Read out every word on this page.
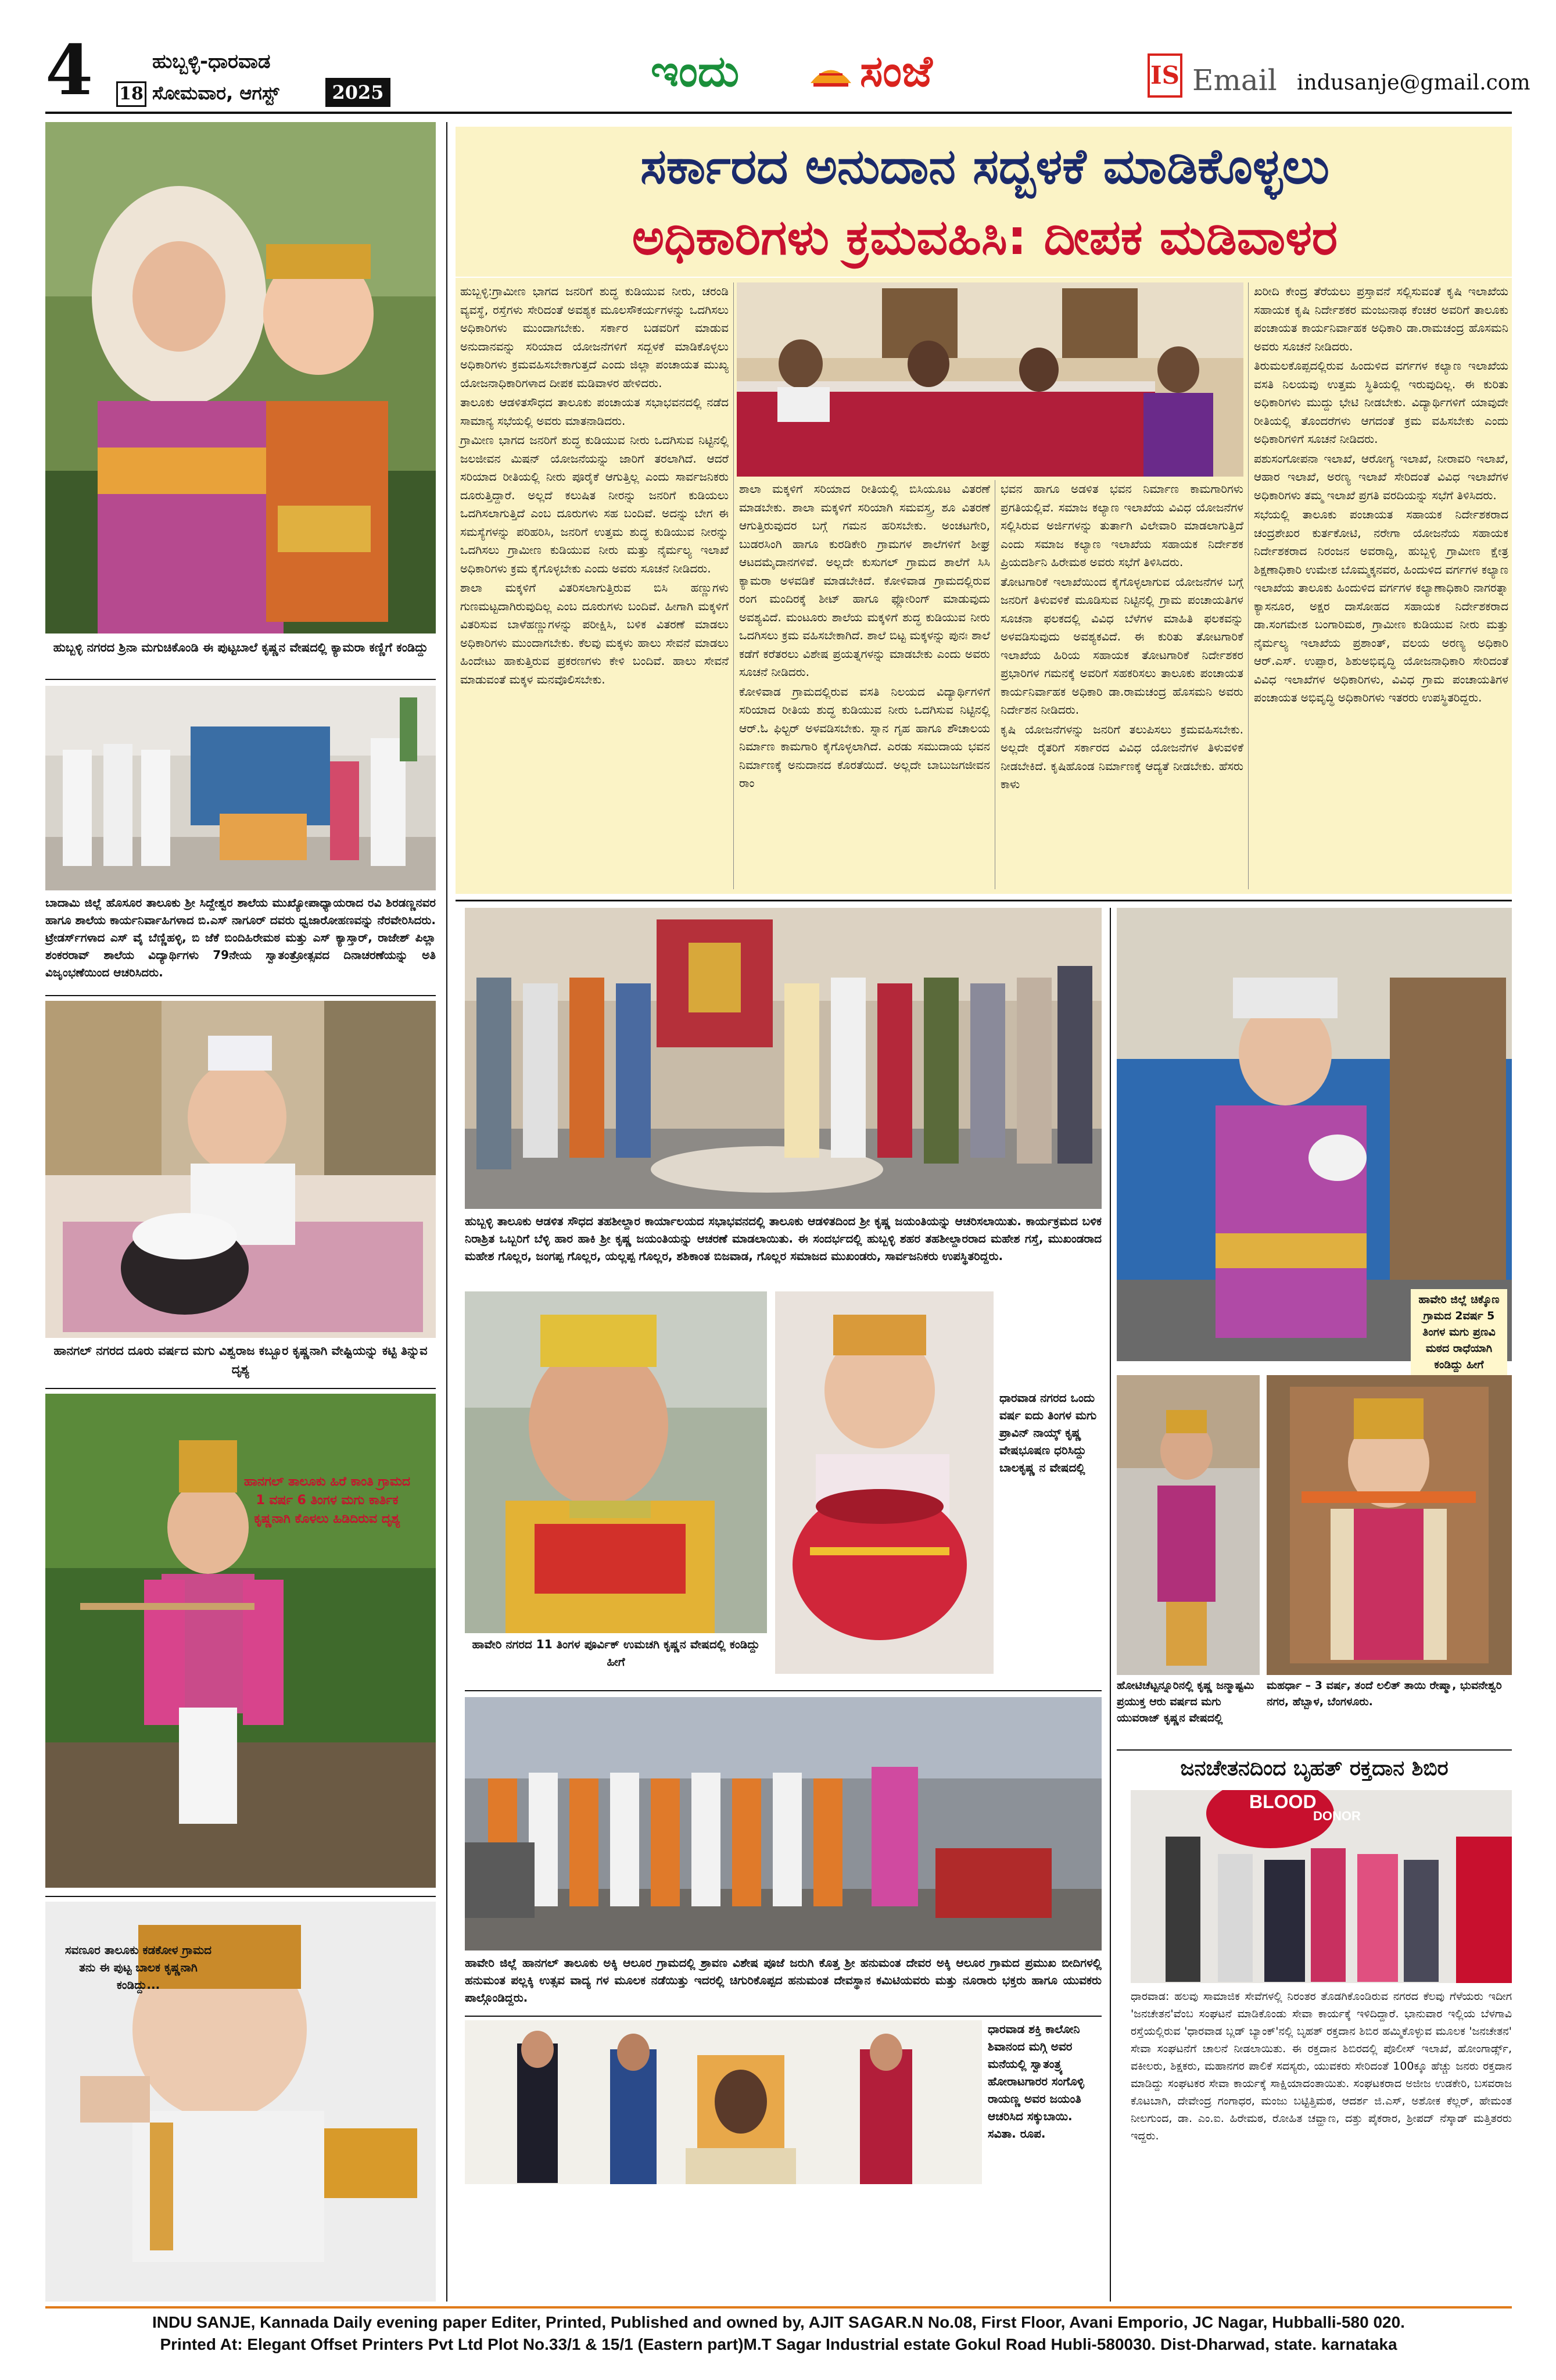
4 18
ಹುಬ್ಬಳ್ಳಿ-ಧಾರವಾಡ
ಸೋಮವಾರ, ಆಗಸ್ಟ್	2025	ಇಂದು	ಸಂಜೆ	IS Email indusanje@gmail.com
ಹುಬ್ಬಳ್ಳಿ ನಗರದ ಶ್ರಿನಾ ಮಗುಚಿಕೊಂಡಿ ಈ ಪುಟ್ಟಬಾಲೆ ಕೃಷ್ಣನ ವೇಷದಲ್ಲಿ ಕ್ಯಾಮರಾ ಕಣ್ಣಿಗೆ ಕಂಡಿದ್ದು
ಬಾದಾಮಿ ಜಿಲ್ಲೆ ಹೊಸೂರ ತಾಲೂಕು ಶ್ರೀ ಸಿದ್ದೇಶ್ವರ ಶಾಲೆಯ ಮುಖ್ಯೋಪಾಧ್ಯಾಯರಾದ ರವಿ ಶಿರಡಣ್ಣನವರ ಹಾಗೂ ಶಾಲೆಯ ಕಾರ್ಯನಿರ್ವಾಹಿಗಳಾದ ಬಿ.ಎಸ್ ನಾಗೂರ್ ದವರು ಧ್ವಜಾರೋಹಣವನ್ನು ನೆರವೇರಿಸಿದರು. ಟ್ರೇಡರ್ಸ್‌ಗಳಾದ ಎಸ್ ವೈ ಬೆಣ್ಣಿಹಳ್ಳಿ, ಬಿ ಜೆಕೆ ಬಿಂದಿಹಿರೇಮಠ ಮತ್ತು ಎಸ್ ಕ್ಯಾಸ್ತಾರ್, ರಾಜೇಶ್ ಪಿಲ್ಲಾ ಶಂಕರರಾವ್ ಶಾಲೆಯ ವಿದ್ಯಾರ್ಥಿಗಳು 79ನೇಯ ಸ್ವಾತಂತ್ರೋತ್ಸವದ ದಿನಾಚರಣೆಯನ್ನು ಅತಿ ವಿಜೃಂಭಣೆಯಿಂದ ಆಚರಿಸಿದರು.
ಹಾನಗಲ್ ನಗರದ ದೂರು ವರ್ಷದ ಮಗು ವಿಶ್ವರಾಜ ಕಬ್ಬೂರ ಕೃಷ್ಣನಾಗಿ ವೇಷ್ಟಿಯನ್ನು ಕಟ್ಟಿ ತಿನ್ನುವ ದೃಶ್ಯ
ಹಾನಗಲ್ ತಾಲೂಕು ಹಿರೆ ಕಾಂತಿ ಗ್ರಾಮದ 1 ವರ್ಷ 6 ತಿಂಗಳ ಮಗು ಕಾರ್ತಿಕ ಕೃಷ್ಣನಾಗಿ ಕೊಳಲು ಹಿಡಿದಿರುವ ದೃಶ್ಯ
ಸವಣೂರ ತಾಲೂಕು ಕಡಕೋಳ ಗ್ರಾಮದ ತನು ಈ ಪುಟ್ಟ ಬಾಲಕ ಕೃಷ್ಣನಾಗಿ ಕಂಡಿದ್ದು...
ಸರ್ಕಾರದ ಅನುದಾನ ಸದ್ಬಳಕೆ ಮಾಡಿಕೊಳ್ಳಲು
ಅಧಿಕಾರಿಗಳು ಕ್ರಮವಹಿಸಿ: ದೀಪಕ ಮಡಿವಾಳರ

ಹುಬ್ಬಳ್ಳಿ:ಗ್ರಾಮೀಣ ಭಾಗದ ಜನರಿಗೆ ಶುದ್ಧ ಕುಡಿಯುವ ನೀರು, ಚರಂಡಿ ವ್ಯವಸ್ಥೆ, ರಸ್ತೆಗಳು ಸೇರಿದಂತೆ ಅವಶ್ಯಕ ಮೂಲಸೌಕರ್ಯಗಳನ್ನು ಒದಗಿಸಲು ಅಧಿಕಾರಿಗಳು ಮುಂದಾಗಬೇಕು. ಸರ್ಕಾರ ಬಡವರಿಗೆ ಮಾಡುವ ಅನುದಾನವನ್ನು ಸರಿಯಾದ ಯೋಜನೆಗಳಿಗೆ ಸದ್ಬಳಕೆ ಮಾಡಿಕೊಳ್ಳಲು ಅಧಿಕಾರಿಗಳು ಕ್ರಮವಹಿಸಬೇಕಾಗುತ್ತದೆ ಎಂದು ಜಿಲ್ಲಾ ಪಂಚಾಯತ ಮುಖ್ಯ ಯೋಜನಾಧಿಕಾರಿಗಳಾದ ದೀಪಕ ಮಡಿವಾಳರ ಹೇಳಿದರು.

ತಾಲೂಕು ಆಡಳಿತಸೌಧದ ತಾಲೂಕು ಪಂಚಾಯತ ಸಭಾಭವನದಲ್ಲಿ ನಡೆದ ಸಾಮಾನ್ಯ ಸಭೆಯಲ್ಲಿ ಅವರು ಮಾತನಾಡಿದರು.

ಗ್ರಾಮೀಣ ಭಾಗದ ಜನರಿಗೆ ಶುದ್ಧ ಕುಡಿಯುವ ನೀರು ಒದಗಿಸುವ ನಿಟ್ಟಿನಲ್ಲಿ ಜಲಜೀವನ ಮಿಷನ್ ಯೋಜನೆಯನ್ನು ಜಾರಿಗೆ ತರಲಾಗಿದೆ. ಆದರೆ ಸರಿಯಾದ ರೀತಿಯಲ್ಲಿ ನೀರು ಪೂರೈಕೆ ಆಗುತ್ತಿಲ್ಲ ಎಂದು ಸಾರ್ವಜನಿಕರು ದೂರುತ್ತಿದ್ದಾರೆ. ಅಲ್ಲದೆ ಕಲುಷಿತ ನೀರನ್ನು ಜನರಿಗೆ ಕುಡಿಯಲು ಒದಗಿಸಲಾಗುತ್ತಿದೆ ಎಂಬ ದೂರುಗಳು ಸಹ ಬಂದಿವೆ. ಅದನ್ನು ಬೇಗ ಈ ಸಮಸ್ಯೆಗಳನ್ನು ಪರಿಹರಿಸಿ, ಜನರಿಗೆ ಉತ್ತಮ ಶುದ್ಧ ಕುಡಿಯುವ ನೀರನ್ನು ಒದಗಿಸಲು ಗ್ರಾಮೀಣ ಕುಡಿಯುವ ನೀರು ಮತ್ತು ನೈರ್ಮಲ್ಯ ಇಲಾಖೆ ಅಧಿಕಾರಿಗಳು ಕ್ರಮ ಕೈಗೊಳ್ಳಬೇಕು ಎಂದು ಅವರು ಸೂಚನೆ ನೀಡಿದರು.

ಶಾಲಾ ಮಕ್ಕಳಿಗೆ ವಿತರಿಸಲಾಗುತ್ತಿರುವ ಬಿಸಿ ಹಣ್ಣುಗಳು ಗುಣಮಟ್ಟದಾಗಿರುವುದಿಲ್ಲ ಎಂಬ ದೂರುಗಳು ಬಂದಿವೆ. ಹೀಗಾಗಿ ಮಕ್ಕಳಿಗೆ ವಿತರಿಸುವ ಬಾಳೆಹಣ್ಣುಗಳನ್ನು ಪರೀಕ್ಷಿಸಿ, ಬಳಿಕ ವಿತರಣೆ ಮಾಡಲು ಅಧಿಕಾರಿಗಳು ಮುಂದಾಗಬೇಕು. ಕೆಲವು ಮಕ್ಕಳು ಹಾಲು ಸೇವನೆ ಮಾಡಲು ಹಿಂದೇಟು ಹಾಕುತ್ತಿರುವ ಪ್ರಕರಣಗಳು ಕೇಳಿ ಬಂದಿವೆ. ಹಾಲು ಸೇವನೆ ಮಾಡುವಂತೆ ಮಕ್ಕಳ ಮನವೊಲಿಸಬೇಕು.

ಶಾಲಾ ಮಕ್ಕಳಿಗೆ ಸರಿಯಾದ ರೀತಿಯಲ್ಲಿ ಬಿಸಿಯೂಟ ವಿತರಣೆ ಮಾಡಬೇಕು. ಶಾಲಾ ಮಕ್ಕಳಿಗೆ ಸರಿಯಾಗಿ ಸಮವಸ್ತ್ರ, ಶೂ ವಿತರಣೆ ಆಗುತ್ತಿರುವುದರ ಬಗ್ಗೆ ಗಮನ ಹರಿಸಬೇಕು. ಅಂಚಟಗೇರಿ, ಬುಡರಸಿಂಗಿ ಹಾಗೂ ಕುರಡಿಕೇರಿ ಗ್ರಾಮಗಳ ಶಾಲೆಗಳಿಗೆ ಶೀಘ್ರ ಆಟದಮೈದಾನಗಳಿವೆ. ಅಲ್ಲದೇ ಕುಸುಗಲ್ ಗ್ರಾಮದ ಶಾಲೆಗೆ ಸಿಸಿ ಕ್ಯಾಮರಾ ಅಳವಡಿಕೆ ಮಾಡಬೇಕಿದೆ. ಕೋಳಿವಾಡ ಗ್ರಾಮದಲ್ಲಿರುವ ರಂಗ ಮಂದಿರಕ್ಕೆ ಶೀಟ್ ಹಾಗೂ ಫ್ಲೋರಿಂಗ್ ಮಾಡುವುದು ಅವಶ್ಯವಿದೆ. ಮಂಟೂರು ಶಾಲೆಯ ಮಕ್ಕಳಿಗೆ ಶುದ್ಧ ಕುಡಿಯುವ ನೀರು ಒದಗಿಸಲು ಕ್ರಮ ವಹಿಸಬೇಕಾಗಿದೆ. ಶಾಲೆ ಬಿಟ್ಟ ಮಕ್ಕಳನ್ನು ಪುನಃ ಶಾಲೆ ಕಡೆಗೆ ಕರೆತರಲು ವಿಶೇಷ ಪ್ರಯತ್ನಗಳನ್ನು ಮಾಡಬೇಕು ಎಂದು ಅವರು ಸೂಚನೆ ನೀಡಿದರು.

ಕೋಳಿವಾಡ ಗ್ರಾಮದಲ್ಲಿರುವ ವಸತಿ ನಿಲಯದ ವಿದ್ಯಾರ್ಥಿಗಳಿಗೆ ಸರಿಯಾದ ರೀತಿಯ ಶುದ್ಧ ಕುಡಿಯುವ ನೀರು ಒದಗಿಸುವ ನಿಟ್ಟಿನಲ್ಲಿ ಆರ್.ಓ ಫಿಲ್ಟರ್ ಅಳವಡಿಸಬೇಕು. ಸ್ನಾನ ಗೃಹ ಹಾಗೂ ಶೌಚಾಲಯ ನಿರ್ಮಾಣ ಕಾಮಗಾರಿ ಕೈಗೊಳ್ಳಲಾಗಿದೆ. ಎರಡು ಸಮುದಾಯ ಭವನ ನಿರ್ಮಾಣಕ್ಕೆ ಅನುದಾನದ ಕೊರತೆಯಿದೆ. ಅಲ್ಲದೇ ಬಾಬುಜಗಜೀವನ ರಾಂ

ಭವನ ಹಾಗೂ ಅಡಳಿತ ಭವನ ನಿರ್ಮಾಣ ಕಾಮಗಾರಿಗಳು ಪ್ರಗತಿಯಲ್ಲಿವೆ. ಸಮಾಜ ಕಲ್ಯಾಣ ಇಲಾಖೆಯ ವಿವಿಧ ಯೋಜನೆಗಳ ಸಲ್ಲಿಸಿರುವ ಅರ್ಜಿಗಳನ್ನು ತುರ್ತಾಗಿ ವಿಲೇವಾರಿ ಮಾಡಲಾಗುತ್ತಿದೆ ಎಂದು ಸಮಾಜ ಕಲ್ಯಾಣ ಇಲಾಖೆಯ ಸಹಾಯಕ ನಿರ್ದೇಶಕ ಪ್ರಿಯದರ್ಶಿನಿ ಹಿರೇಮಠ ಅವರು ಸಭೆಗೆ ತಿಳಿಸಿದರು.

ತೋಟಗಾರಿಕೆ ಇಲಾಖೆಯಿಂದ ಕೈಗೊಳ್ಳಲಾಗುವ ಯೋಜನೆಗಳ ಬಗ್ಗೆ ಜನರಿಗೆ ತಿಳುವಳಿಕೆ ಮೂಡಿಸುವ ನಿಟ್ಟಿನಲ್ಲಿ ಗ್ರಾಮ ಪಂಚಾಯತಿಗಳ ಸೂಚನಾ ಫಲಕದಲ್ಲಿ ವಿವಿಧ ಬೆಳೆಗಳ ಮಾಹಿತಿ ಫಲಕವನ್ನು ಅಳವಡಿಸುವುದು ಅವಶ್ಯಕವಿದೆ. ಈ ಕುರಿತು ತೋಟಗಾರಿಕೆ ಇಲಾಖೆಯ ಹಿರಿಯ ಸಹಾಯಕ ತೋಟಗಾರಿಕೆ ನಿರ್ದೇಶಕರ ಪ್ರಭಾರಿಗಳ ಗಮನಕ್ಕೆ ಅವರಿಗೆ ಸಹಕರಿಸಲು ತಾಲೂಕು ಪಂಚಾಯತ ಕಾರ್ಯನಿರ್ವಾಹಕ ಅಧಿಕಾರಿ ಡಾ.ರಾಮಚಂದ್ರ ಹೊಸಮನಿ ಅವರು ನಿರ್ದೇಶನ ನೀಡಿದರು.

ಕೃಷಿ ಯೋಜನೆಗಳನ್ನು ಜನರಿಗೆ ತಲುಪಿಸಲು ಕ್ರಮವಹಿಸಬೇಕು. ಅಲ್ಲದೇ ರೈತರಿಗೆ ಸರ್ಕಾರದ ವಿವಿಧ ಯೋಜನೆಗಳ ತಿಳುವಳಿಕೆ ನೀಡಬೇಕಿದೆ. ಕೃಷಿಹೊಂಡ ನಿರ್ಮಾಣಕ್ಕೆ ಆದ್ಯತೆ ನೀಡಬೇಕು. ಹೆಸರು ಕಾಳು

ಖರೀದಿ ಕೇಂದ್ರ ತೆರೆಯಲು ಪ್ರಸ್ತಾವನೆ ಸಲ್ಲಿಸುವಂತೆ ಕೃಷಿ ಇಲಾಖೆಯ ಸಹಾಯಕ ಕೃಷಿ ನಿರ್ದೇಶಕರ ಮಂಜುನಾಥ ಕೆಂಚರ ಅವರಿಗೆ ತಾಲೂಕು ಪಂಚಾಯತ ಕಾರ್ಯನಿರ್ವಾಹಕ ಅಧಿಕಾರಿ ಡಾ.ರಾಮಚಂದ್ರ ಹೊಸಮನಿ ಅವರು ಸೂಚನೆ ನೀಡಿದರು.

ತಿರುಮಲಕೊಪ್ಪದಲ್ಲಿರುವ ಹಿಂದುಳಿದ ವರ್ಗಗಳ ಕಲ್ಯಾಣ ಇಲಾಖೆಯ ವಸತಿ ನಿಲಯವು ಉತ್ತಮ ಸ್ಥಿತಿಯಲ್ಲಿ ಇರುವುದಿಲ್ಲ. ಈ ಕುರಿತು ಅಧಿಕಾರಿಗಳು ಮುದ್ದು ಭೇಟಿ ನೀಡಬೇಕು. ವಿದ್ಯಾರ್ಥಿಗಳಿಗೆ ಯಾವುದೇ ರೀತಿಯಲ್ಲಿ ತೊಂದರೆಗಳು ಆಗದಂತೆ ಕ್ರಮ ವಹಿಸಬೇಕು ಎಂದು ಅಧಿಕಾರಿಗಳಿಗೆ ಸೂಚನೆ ನೀಡಿದರು.

ಪಶುಸಂಗೋಪನಾ ಇಲಾಖೆ, ಆರೋಗ್ಯ ಇಲಾಖೆ, ನೀರಾವರಿ ಇಲಾಖೆ, ಆಹಾರ ಇಲಾಖೆ, ಅರಣ್ಯ ಇಲಾಖೆ ಸೇರಿದಂತೆ ವಿವಿಧ ಇಲಾಖೆಗಳ ಅಧಿಕಾರಿಗಳು ತಮ್ಮ ಇಲಾಖೆ ಪ್ರಗತಿ ವರದಿಯನ್ನು ಸಭೆಗೆ ತಿಳಿಸಿದರು.

ಸಭೆಯಲ್ಲಿ ತಾಲೂಕು ಪಂಚಾಯತ ಸಹಾಯಕ ನಿರ್ದೇಶಕರಾದ ಚಂದ್ರಶೇಖರ ಕುರ್ತಕೋಟಿ, ನರೇಗಾ ಯೋಜನೆಯ ಸಹಾಯಕ ನಿರ್ದೇಶಕರಾದ ನಿರಂಜನ ಅವರಾದ್ದಿ, ಹುಬ್ಬಳ್ಳಿ ಗ್ರಾಮೀಣ ಕ್ಷೇತ್ರ ಶಿಕ್ಷಣಾಧಿಕಾರಿ ಉಮೇಶ ಬೊಮ್ಮಕ್ಕನವರ, ಹಿಂದುಳಿದ ವರ್ಗಗಳ ಕಲ್ಯಾಣ ಇಲಾಖೆಯ ತಾಲೂಕು ಹಿಂದುಳಿದ ವರ್ಗಗಳ ಕಲ್ಯಾಣಾಧಿಕಾರಿ ನಾಗರತ್ನಾ ಕ್ಯಾಸನೂರ, ಅಕ್ಷರ ದಾಸೋಹದ ಸಹಾಯಕ ನಿರ್ದೇಶಕರಾದ ಡಾ.ಸಂಗಮೇಶ ಬಂಗಾರಿಮಠ, ಗ್ರಾಮೀಣ ಕುಡಿಯುವ ನೀರು ಮತ್ತು ನೈರ್ಮಲ್ಯ ಇಲಾಖೆಯ ಪ್ರಶಾಂತ್, ವಲಯ ಅರಣ್ಯ ಅಧಿಕಾರಿ ಆರ್.ಎಸ್. ಉಪ್ಪಾರ, ಶಿಶುಅಭಿವೃದ್ಧಿ ಯೋಜನಾಧಿಕಾರಿ ಸೇರಿದಂತೆ ವಿವಿಧ ಇಲಾಖೆಗಳ ಅಧಿಕಾರಿಗಳು, ವಿವಿಧ ಗ್ರಾಮ ಪಂಚಾಯತಿಗಳ ಪಂಚಾಯತ ಅಭಿವೃದ್ಧಿ ಅಧಿಕಾರಿಗಳು ಇತರರು ಉಪಸ್ಥಿತರಿದ್ದರು.

ಹುಬ್ಬಳ್ಳಿ ತಾಲೂಕು ಆಡಳಿತ ಸೌಧದ ತಹಶೀಲ್ದಾರ ಕಾರ್ಯಾಲಯದ ಸಭಾಭವನದಲ್ಲಿ ತಾಲೂಕು ಆಡಳಿತದಿಂದ ಶ್ರೀ ಕೃಷ್ಣ ಜಯಂತಿಯನ್ನು ಆಚರಿಸಲಾಯಿತು. ಕಾರ್ಯಕ್ರಮದ ಬಳಿಕ ನಿರಾಶ್ರಿತ ಒಬ್ಬರಿಗೆ ಬೆಳ್ಳಿ ಹಾರ ಹಾಕಿ ಶ್ರೀ ಕೃಷ್ಣ ಜಯಂತಿಯನ್ನು ಆಚರಣೆ ಮಾಡಲಾಯಿತು. ಈ ಸಂದರ್ಭದಲ್ಲಿ ಹುಬ್ಬಳ್ಳಿ ಶಹರ ತಹಶೀಲ್ದಾರರಾದ ಮಹೇಶ ಗಸ್ತೆ, ಮುಖಂಡರಾದ ಮಹೇಶ ಗೊಲ್ಲರ, ಜಂಗಪ್ಪ ಗೊಲ್ಲರ, ಯಲ್ಲಪ್ಪ ಗೊಲ್ಲರ, ಶಶಿಕಾಂತ ಬಿಜವಾಡ, ಗೊಲ್ಲರ ಸಮಾಜದ ಮುಖಂಡರು, ಸಾರ್ವಜನಿಕರು ಉಪಸ್ಥಿತರಿದ್ದರು.
ಹಾವೇರಿ ನಗರದ 11 ತಿಂಗಳ ಪೂರ್ವಿಕ್ ಉಮಚಗಿ ಕೃಷ್ಣನ ವೇಷದಲ್ಲಿ ಕಂಡಿದ್ದು ಹೀಗೆ
ಧಾರವಾಡ ನಗರದ ಒಂದು ವರ್ಷ ಐದು ತಿಂಗಳ ಮಗು ಪ್ರಾವಿನ್ ನಾಯ್ಕ್ ಕೃಷ್ಣ ವೇಷಭೂಷಣ ಧರಿಸಿದ್ದು ಬಾಲಕೃಷ್ಣ ನ ವೇಷದಲ್ಲಿ
ಹಾವೇರಿ ಜಿಲ್ಲೆ ಹಾನಗಲ್ ತಾಲೂಕು ಅಕ್ಕಿ ಆಲೂರ ಗ್ರಾಮದಲ್ಲಿ ಶ್ರಾವಣ ವಿಶೇಷ ಪೂಜೆ ಜರುಗಿ ಕೊತ್ತ ಶ್ರೀ ಹನುಮಂತ ದೇವರ ಅಕ್ಕಿ ಆಲೂರ ಗ್ರಾಮದ ಪ್ರಮುಖ ಬೀದಿಗಳಲ್ಲಿ ಹನುಮಂತ ಪಲ್ಲಕ್ಕಿ ಉತ್ಸವ ವಾದ್ಯ ಗಳ ಮೂಲಕ ನಡೆಯಿತ್ತು ಇದರಲ್ಲಿ ಚಿಗುರಿಕೊಪ್ಪದ ಹನುಮಂತ ದೇವಸ್ಥಾನ ಕಮಿಟಿಯವರು ಮತ್ತು ನೂರಾರು ಭಕ್ತರು ಹಾಗೂ ಯುವಕರು ಪಾಲ್ಗೊಂಡಿದ್ದರು.
ಧಾರವಾಡ ಶಕ್ತಿ ಕಾಲೋನಿ ಶಿವಾನಂದ ಮಗ್ಗಿ ಅವರ ಮನೆಯಲ್ಲಿ ಸ್ವಾತಂತ್ರ್ಯ ಹೋರಾಟಗಾರರ ಸಂಗೊಳ್ಳಿ ರಾಯಣ್ಣ ಅವರ ಜಯಂತಿ ಆಚರಿಸಿದ ಸಕ್ಕುಬಾಯಿ. ಸವಿತಾ. ರೂಪ.
ಹಾವೇರಿ ಜಿಲ್ಲೆ ಚಿಕ್ಕೊಣ ಗ್ರಾಮದ 2ವರ್ಷ 5 ತಿಂಗಳ ಮಗು ಪ್ರಣವಿ ಮಠದ ರಾಧೆಯಾಗಿ ಕಂಡಿದ್ದು ಹೀಗೆ
ಹೋಟಿಚೆಟ್ಟನ್ನೂರಿನಲ್ಲಿ ಕೃಷ್ಣ ಜನ್ಮಾಷ್ಟಮಿ ಪ್ರಯುಕ್ತ ಆರು ವರ್ಷದ ಮಗು ಯುವರಾಜ್ ಕೃಷ್ಣನ ವೇಷದಲ್ಲಿ
ಮಹರ್ಧಾ – 3 ವರ್ಷ, ತಂದೆ ಲಲಿತ್ ತಾಯಿ ರೇಷ್ಮಾ, ಭುವನೇಶ್ವರಿ ನಗರ, ಹೆಬ್ಬಾಳ, ಬೆಂಗಳೂರು.
ಜನಚೇತನದಿಂದ ಬೃಹತ್ ರಕ್ತದಾನ ಶಿಬಿರ
BLOOD
DONOR
ಧಾರವಾಡ: ಹಲವು ಸಾಮಾಜಿಕ ಸೇವೆಗಳಲ್ಲಿ ನಿರಂತರ ತೊಡಗಿಕೊಂಡಿರುವ ನಗರದ ಕೆಲವು ಗೆಳೆಯರು ಇದೀಗ 'ಜನಚೇತನ'ವೆಂಬ ಸಂಘಟನೆ ಮಾಡಿಕೊಂಡು ಸೇವಾ ಕಾರ್ಯಕ್ಕೆ ಇಳಿದಿದ್ದಾರೆ. ಭಾನುವಾರ ಇಲ್ಲಿಯ ಬೆಳಗಾವಿ ರಸ್ತೆಯಲ್ಲಿರುವ 'ಧಾರವಾಡ ಬ್ಲಡ್ ಬ್ಯಾಂಕ್'ನಲ್ಲಿ ಬೃಹತ್ ರಕ್ತದಾನ ಶಿಬಿರ ಹಮ್ಮಿಕೊಳ್ಳುವ ಮೂಲಕ 'ಜನಚೇತನ' ಸೇವಾ ಸಂಘಟನೆಗೆ ಚಾಲನೆ ನೀಡಲಾಯಿತು. ಈ ರಕ್ತದಾನ ಶಿಬಿರದಲ್ಲಿ ಪೊಲೀಸ್ ಇಲಾಖೆ, ಹೋಂಗಾರ್ಡ್ಸ್, ವಕೀಲರು, ಶಿಕ್ಷಕರು, ಮಹಾನಗರ ಪಾಲಿಕೆ ಸದಸ್ಯರು, ಯುವಕರು ಸೇರಿದಂತೆ 100ಕ್ಕೂ ಹೆಚ್ಚು ಜನರು ರಕ್ತದಾನ ಮಾಡಿದ್ದು ಸಂಘಟಕರ ಸೇವಾ ಕಾರ್ಯಕ್ಕೆ ಸಾಕ್ಷಿಯಾದಂತಾಯಿತು. ಸಂಘಟಕರಾದ ಅಜೀಜ ಉಡಕೇರಿ, ಬಸವರಾಜ ಕೊಟಬಾಗಿ, ದೇವೇಂದ್ರ ಗಂಗಾಧರ, ಮಂಜು ಬಟ್ಟಿತ್ತಿಮಠ, ಆದರ್ಶ ಜಿ.ಎಸ್, ಅಶೋಕ ಕೆಲ್ಲರ್, ಹೇಮಂತ ನೀಲಗುಂದ, ಡಾ. ಎಂ.ಐ. ಹಿರೇಮಠ, ರೋಹಿತ ಚವ್ಹಾಣ, ದತ್ತು ಪೈಕರಾರ, ಶ್ರೀಪದ್ ನೆಸ್ಕಾಡ್ ಮತ್ತಿತರರು ಇದ್ದರು.
INDU SANJE, Kannada Daily evening paper Editer, Printed, Published and owned by, AJIT SAGAR.N No.08, First Floor, Avani Emporio, JC Nagar, Hubballi-580 020.
Printed At: Elegant Offset Printers Pvt Ltd Plot No.33/1 & 15/1 (Eastern part)M.T Sagar Industrial estate Gokul Road Hubli-580030. Dist-Dharwad, state. karnataka
